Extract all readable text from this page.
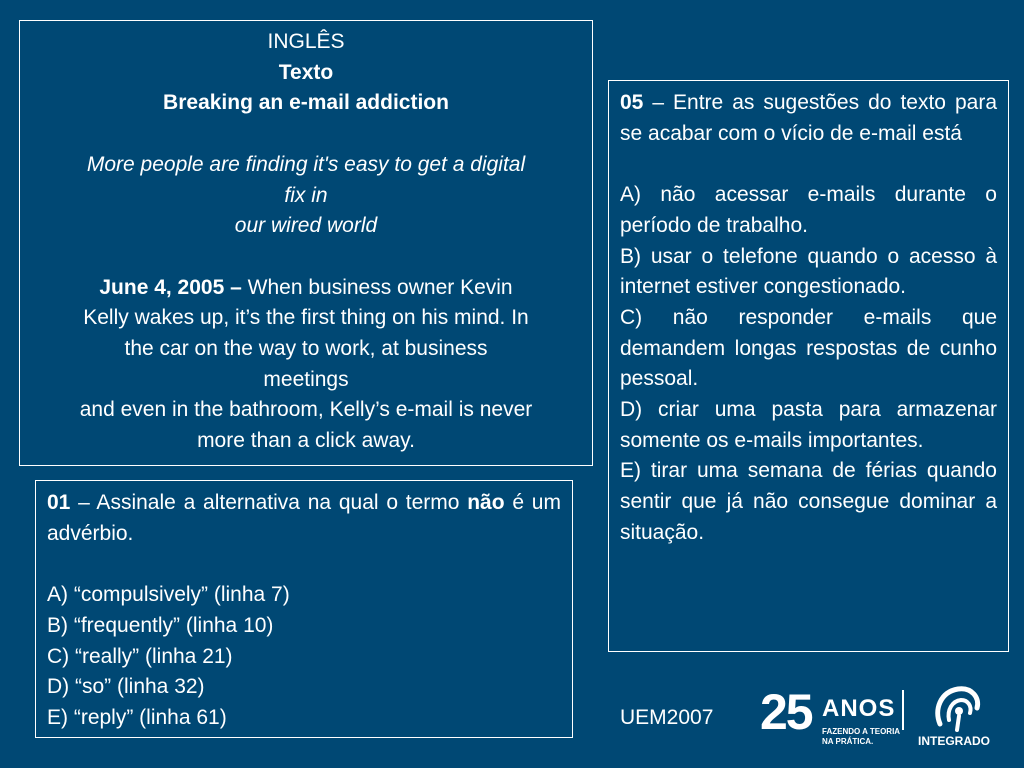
INGLÊS
Texto
Breaking an e-mail addiction
More people are finding it's easy to get a digital
fix in
our wired world
June 4, 2005 – When business owner Kevin
Kelly wakes up, it’s the first thing on his mind. In
the car on the way to work, at business
meetings
and even in the bathroom, Kelly’s e-mail is never
more than a click away.
01 – Assinale a alternativa na qual o termo não é um advérbio.
A) “compulsively” (linha 7)
B) “frequently” (linha 10)
C) “really” (linha 21)
D) “so” (linha 32)
E) “reply” (linha 61)
05 – Entre as sugestões do texto para se acabar com o vício de e-mail está
A) não acessar e-mails durante o período de trabalho.
B) usar o telefone quando o acesso à internet estiver congestionado.
C) não responder e-mails que demandem longas respostas de cunho pessoal.
D) criar uma pasta para armazenar somente os e-mails importantes.
E) tirar uma semana de férias quando sentir que já não consegue dominar a situação.
UEM2007 25 ANOS
FAZENDO A TEORIA
NA PRÁTICA.	INTEGRADO
